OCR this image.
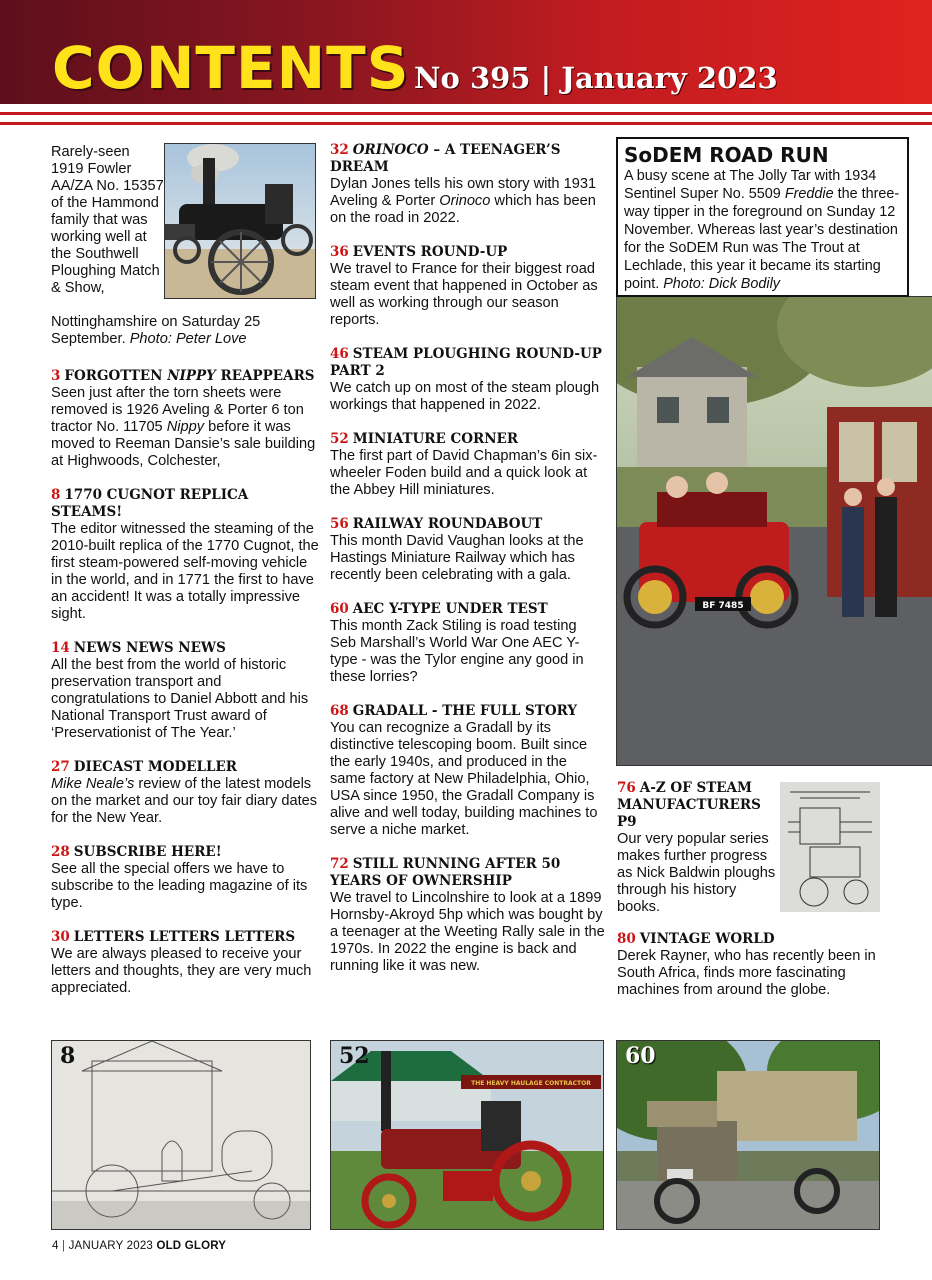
CONTENTS No 395 | January 2023
Rarely-seen 1919 Fowler AA/ZA No. 15357 of the Hammond family that was working well at the Southwell Ploughing Match & Show,
Nottinghamshire on Saturday 25 September. Photo: Peter Love
3 FORGOTTEN NIPPY REAPPEARS
Seen just after the torn sheets were removed is 1926 Aveling & Porter 6 ton tractor No. 11705 Nippy before it was moved to Reeman Dansie’s sale building at Highwoods, Colchester,
8 1770 CUGNOT REPLICA STEAMS!
The editor witnessed the steaming of the 2010-built replica of the 1770 Cugnot, the first steam-powered self-moving vehicle in the world, and in 1771 the first to have an accident! It was a totally impressive sight.
14 NEWS NEWS NEWS
All the best from the world of historic preservation transport and congratulations to Daniel Abbott and his National Transport Trust award of ‘Preservationist of The Year.’
27 DIECAST MODELLER
Mike Neale’s review of the latest models on the market and our toy fair diary dates for the New Year.
28 SUBSCRIBE HERE!
See all the special offers we have to subscribe to the leading magazine of its type.
30 LETTERS LETTERS LETTERS
We are always pleased to receive your letters and thoughts, they are very much appreciated.
32 ORINOCO – A TEENAGER’S DREAM
Dylan Jones tells his own story with 1931 Aveling & Porter Orinoco which has been on the road in 2022.
36 EVENTS ROUND-UP
We travel to France for their biggest road steam event that happened in October as well as working through our season reports.
46 STEAM PLOUGHING ROUND-UP PART 2
We catch up on most of the steam plough workings that happened in 2022.
52 MINIATURE CORNER
The first part of David Chapman’s 6in six-wheeler Foden build and a quick look at the Abbey Hill miniatures.
56 RAILWAY ROUNDABOUT
This month David Vaughan looks at the Hastings Miniature Railway which has recently been celebrating with a gala.
60 AEC Y-TYPE UNDER TEST
This month Zack Stiling is road testing Seb Marshall’s World War One AEC Y-type - was the Tylor engine any good in these lorries?
68 GRADALL - THE FULL STORY
You can recognize a Gradall by its distinctive telescoping boom. Built since the early 1940s, and produced in the same factory at New Philadelphia, Ohio, USA since 1950, the Gradall Company is alive and well today, building machines to serve a niche market.
72 STILL RUNNING AFTER 50 YEARS OF OWNERSHIP
We travel to Lincolnshire to look at a 1899 Hornsby-Akroyd 5hp which was bought by a teenager at the Weeting Rally sale in the 1970s. In 2022 the engine is back and running like it was new.
BF 7485
SoDEM ROAD RUN

A busy scene at The Jolly Tar with 1934 Sentinel Super No. 5509 Freddie the three-way tipper in the foreground on Sunday 12 November. Whereas last year’s destination for the SoDEM Run was The Trout at Lechlade, this year it became its starting point. Photo: Dick Bodily

76 A-Z OF STEAM MANUFACTURERS P9
Our very popular series makes further progress as Nick Baldwin ploughs through his history books.
80 VINTAGE WORLD
Derek Rayner, who has recently been in South Africa, finds more fascinating machines from around the globe.
8
THE HEAVY HAULAGE CONTRACTOR
52	60
4 | JANUARY 2023 OLD GLORY
